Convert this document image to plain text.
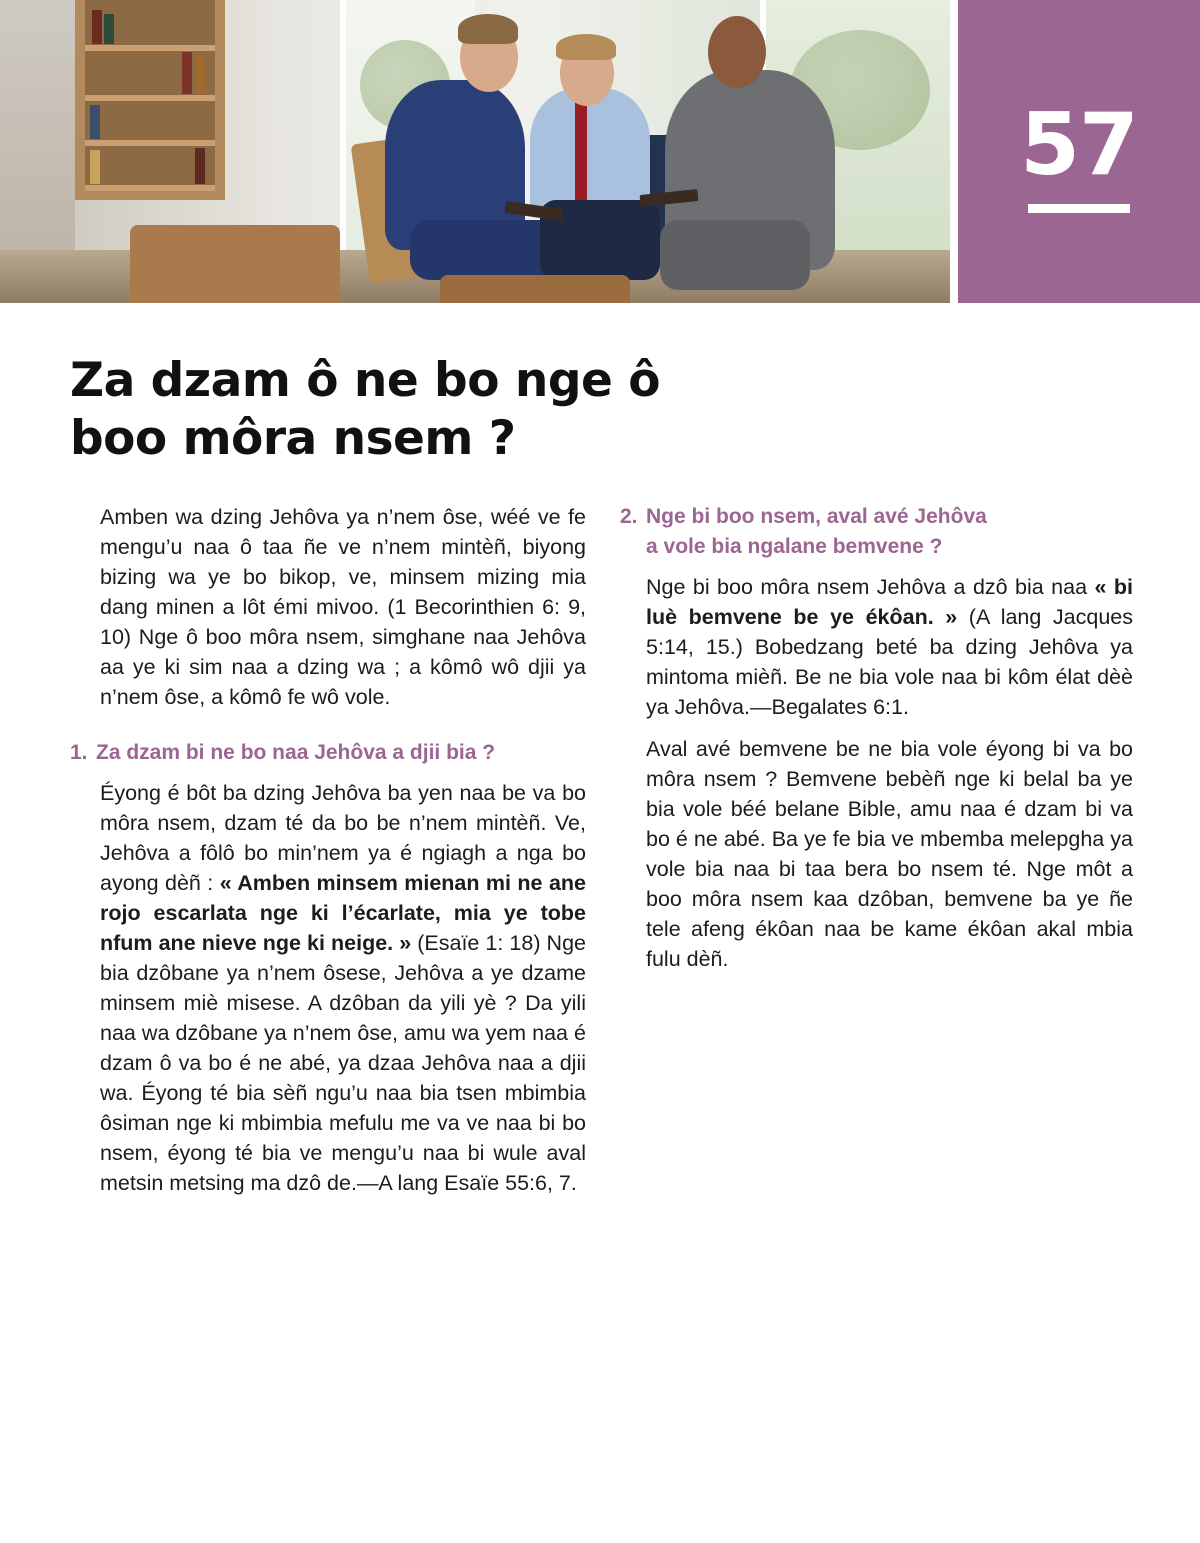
57
Za dzam ô ne bo nge ô
boo môra nsem ?

Amben wa dzing Jehôva ya n’nem ôse, wéé ve fe mengu’u naa ô taa ñe ve n’nem mintèñ, biyong bizing wa ye bo bikop, ve, minsem mizing mia dang minen a lôt émi mivoo. (1 Becorinthien 6: 9, 10) Nge ô boo môra nsem, simghane naa Jehôva aa ye ki sim naa a dzing wa ; a kômô wô djii ya n’nem ôse, a kômô fe wô vole.

1. Za dzam bi ne bo naa Jehôva a djii bia ?

Éyong é bôt ba dzing Jehôva ba yen naa be va bo môra nsem, dzam té da bo be n’nem mintèñ. Ve, Jehôva a fôlô bo min’nem ya é ngiagh a nga bo ayong dèñ : « Amben minsem mienan mi ne ane rojo escarlata nge ki l’écarlate, mia ye tobe nfum ane nieve nge ki neige. » (Esaïe 1: 18) Nge bia dzôbane ya n’nem ôsese, Jehôva a ye dzame minsem miè misese. A dzôban da yili yè ? Da yili naa wa dzôbane ya n’nem ôse, amu wa yem naa é dzam ô va bo é ne abé, ya dzaa Jehôva naa a djii wa. Éyong té bia sèñ ngu’u naa bia tsen mbimbia ôsiman nge ki mbimbia mefulu me va ve naa bi bo nsem, éyong té bia ve mengu’u naa bi wule aval metsin metsing ma dzô de.—A lang Esaïe 55:6, 7.

2. Nge bi boo nsem, aval avé Jehôva
a vole bia ngalane bemvene ?

Nge bi boo môra nsem Jehôva a dzô bia naa « bi luè bemvene be ye ékôan. » (A lang Jacques 5:14, 15.) Bobedzang beté ba dzing Jehôva ya mintoma mièñ. Be ne bia vole naa bi kôm élat dèè ya Jehôva.—Begalates 6:1.

Aval avé bemvene be ne bia vole éyong bi va bo môra nsem ? Bemvene bebèñ nge ki belal ba ye bia vole béé belane Bible, amu naa é dzam bi va bo é ne abé. Ba ye fe bia ve mbemba melepgha ya vole bia naa bi taa bera bo nsem té. Nge môt a boo môra nsem kaa dzôban, bemvene ba ye ñe tele afeng ékôan naa be kame ékôan akal mbia fulu dèñ.
